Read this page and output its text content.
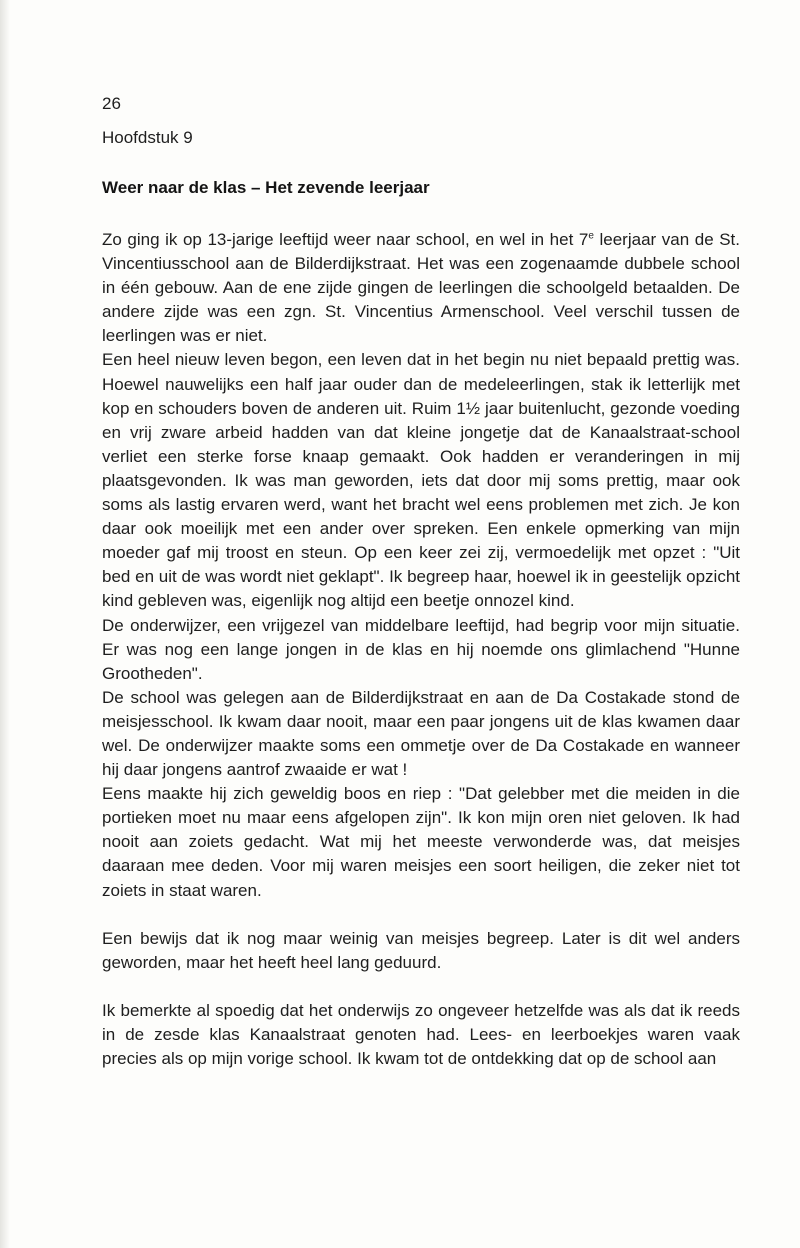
26
Hoofdstuk 9
Weer naar de klas – Het zevende leerjaar

Zo ging ik op 13-jarige leeftijd weer naar school, en wel in het 7e leerjaar van de St. Vincentiusschool aan de Bilderdijkstraat. Het was een zogenaamde dubbele school in één gebouw. Aan de ene zijde gingen de leerlingen die schoolgeld betaalden. De andere zijde was een zgn. St. Vincentius Armenschool. Veel verschil tussen de leerlingen was er niet.

Een heel nieuw leven begon, een leven dat in het begin nu niet bepaald prettig was. Hoewel nauwelijks een half jaar ouder dan de medeleerlingen, stak ik letterlijk met kop en schouders boven de anderen uit. Ruim 1½ jaar buitenlucht, gezonde voeding en vrij zware arbeid hadden van dat kleine jongetje dat de Kanaalstraat-school verliet een sterke forse knaap gemaakt. Ook hadden er veranderingen in mij plaatsgevonden. Ik was man geworden, iets dat door mij soms prettig, maar ook soms als lastig ervaren werd, want het bracht wel eens problemen met zich. Je kon daar ook moeilijk met een ander over spreken. Een enkele opmerking van mijn moeder gaf mij troost en steun. Op een keer zei zij, vermoedelijk met opzet : "Uit bed en uit de was wordt niet geklapt". Ik begreep haar, hoewel ik in geestelijk opzicht kind gebleven was, eigenlijk nog altijd een beetje onnozel kind.

De onderwijzer, een vrijgezel van middelbare leeftijd, had begrip voor mijn situatie. Er was nog een lange jongen in de klas en hij noemde ons glimlachend "Hunne Grootheden".

De school was gelegen aan de Bilderdijkstraat en aan de Da Costakade stond de meisjesschool. Ik kwam daar nooit, maar een paar jongens uit de klas kwamen daar wel. De onderwijzer maakte soms een ommetje over de Da Costakade en wanneer hij daar jongens aantrof zwaaide er wat !

Eens maakte hij zich geweldig boos en riep : "Dat gelebber met die meiden in die portieken moet nu maar eens afgelopen zijn". Ik kon mijn oren niet geloven. Ik had nooit aan zoiets gedacht. Wat mij het meeste verwonderde was, dat meisjes daaraan mee deden. Voor mij waren meisjes een soort heiligen, die zeker niet tot zoiets in staat waren.

Een bewijs dat ik nog maar weinig van meisjes begreep. Later is dit wel anders geworden, maar het heeft heel lang geduurd.

Ik bemerkte al spoedig dat het onderwijs zo ongeveer hetzelfde was als dat ik reeds in de zesde klas Kanaalstraat genoten had. Lees- en leerboekjes waren vaak precies als op mijn vorige school. Ik kwam tot de ontdekking dat op de school aan
